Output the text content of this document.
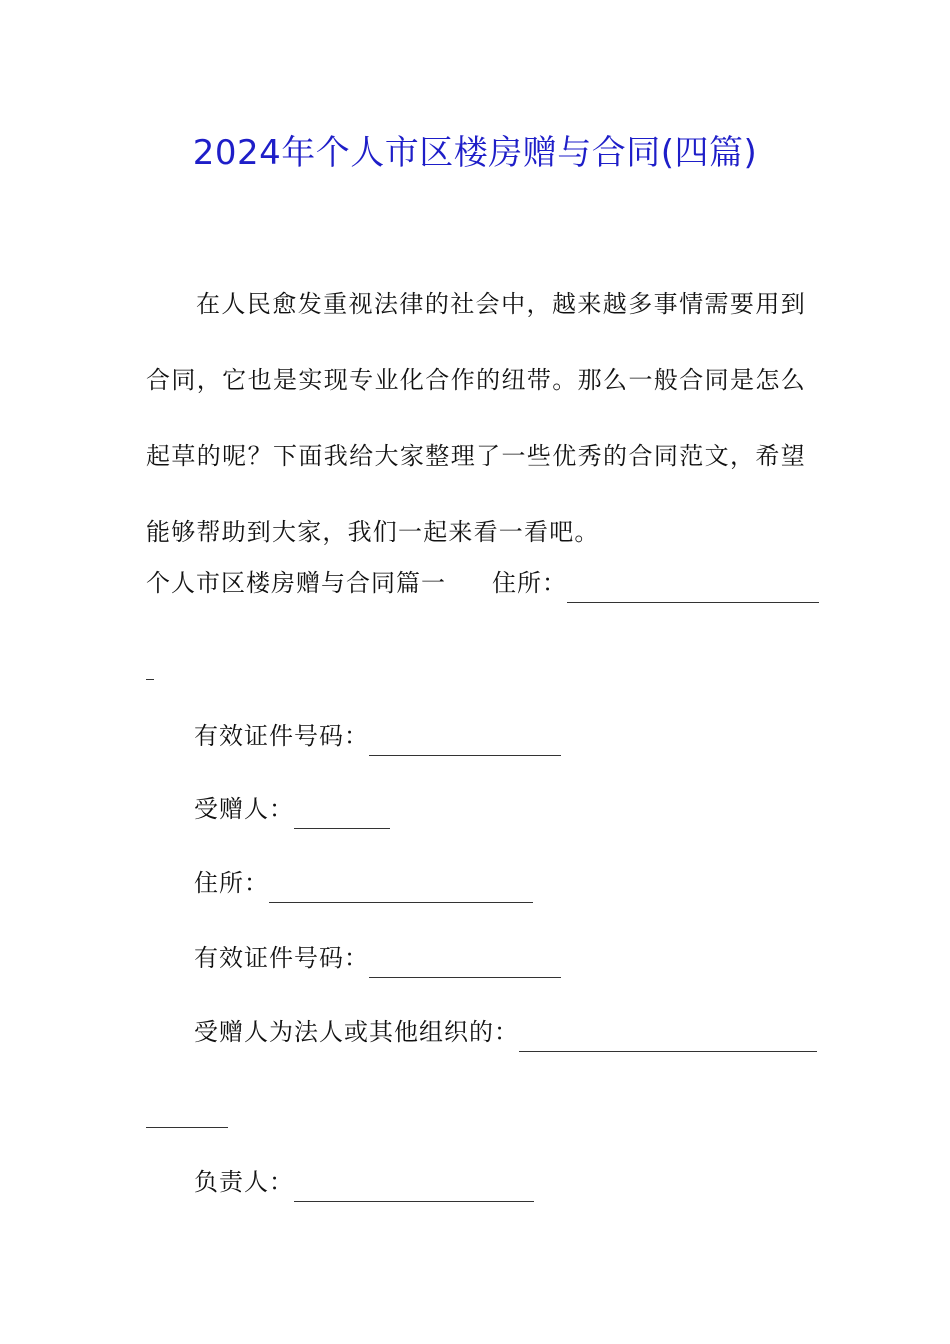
2024年个人市区楼房赠与合同(四篇)
在人民愈发重视法律的社会中，越来越多事情需要用到合同，它也是实现专业化合作的纽带。那么一般合同是怎么起草的呢？下面我给大家整理了一些优秀的合同范文，希望能够帮助到大家，我们一起来看一看吧。
个人市区楼房赠与合同篇一 住所：
有效证件号码：
受赠人：
住所：
有效证件号码：
受赠人为法人或其他组织的：
负责人：
